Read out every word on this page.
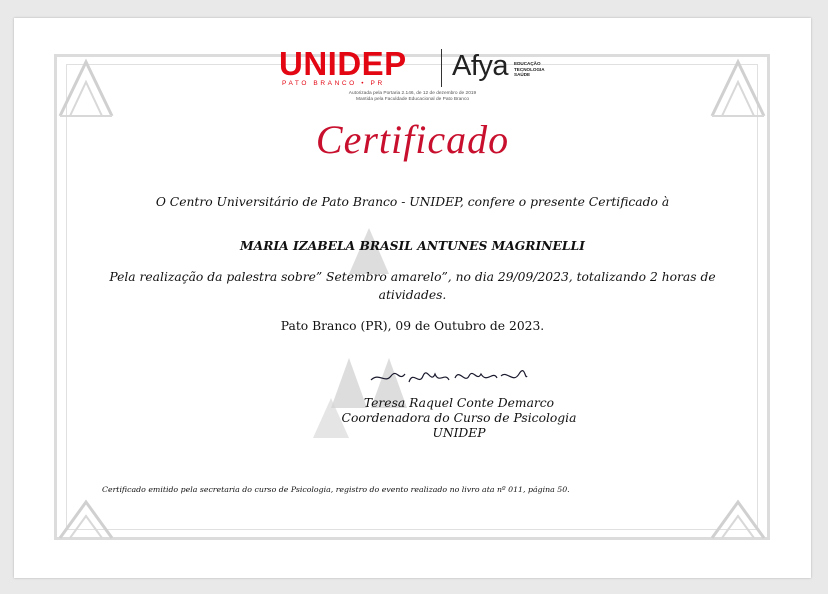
UNIDEP
PATO BRANCO • PR
Afya EDUCAÇÃO
TECNOLOGIA
SAÚDE
Autorizada pela Portaria 2.146, de 12 de dezembro de 2019
Mantida pela Faculdade Educacional de Pato Branco
Certificado
O Centro Universitário de Pato Branco - UNIDEP, confere o presente Certificado à
MARIA IZABELA BRASIL ANTUNES MAGRINELLI
Pela realização da palestra sobre” Setembro amarelo”, no dia 29/09/2023, totalizando 2 horas de
atividades.
Pato Branco (PR), 09 de Outubro de 2023.
Teresa Raquel Conte Demarco
Coordenadora do Curso de Psicologia
UNIDEP
Certificado emitido pela secretaria do curso de Psicologia, registro do evento realizado no livro ata nº 011, página 50.
